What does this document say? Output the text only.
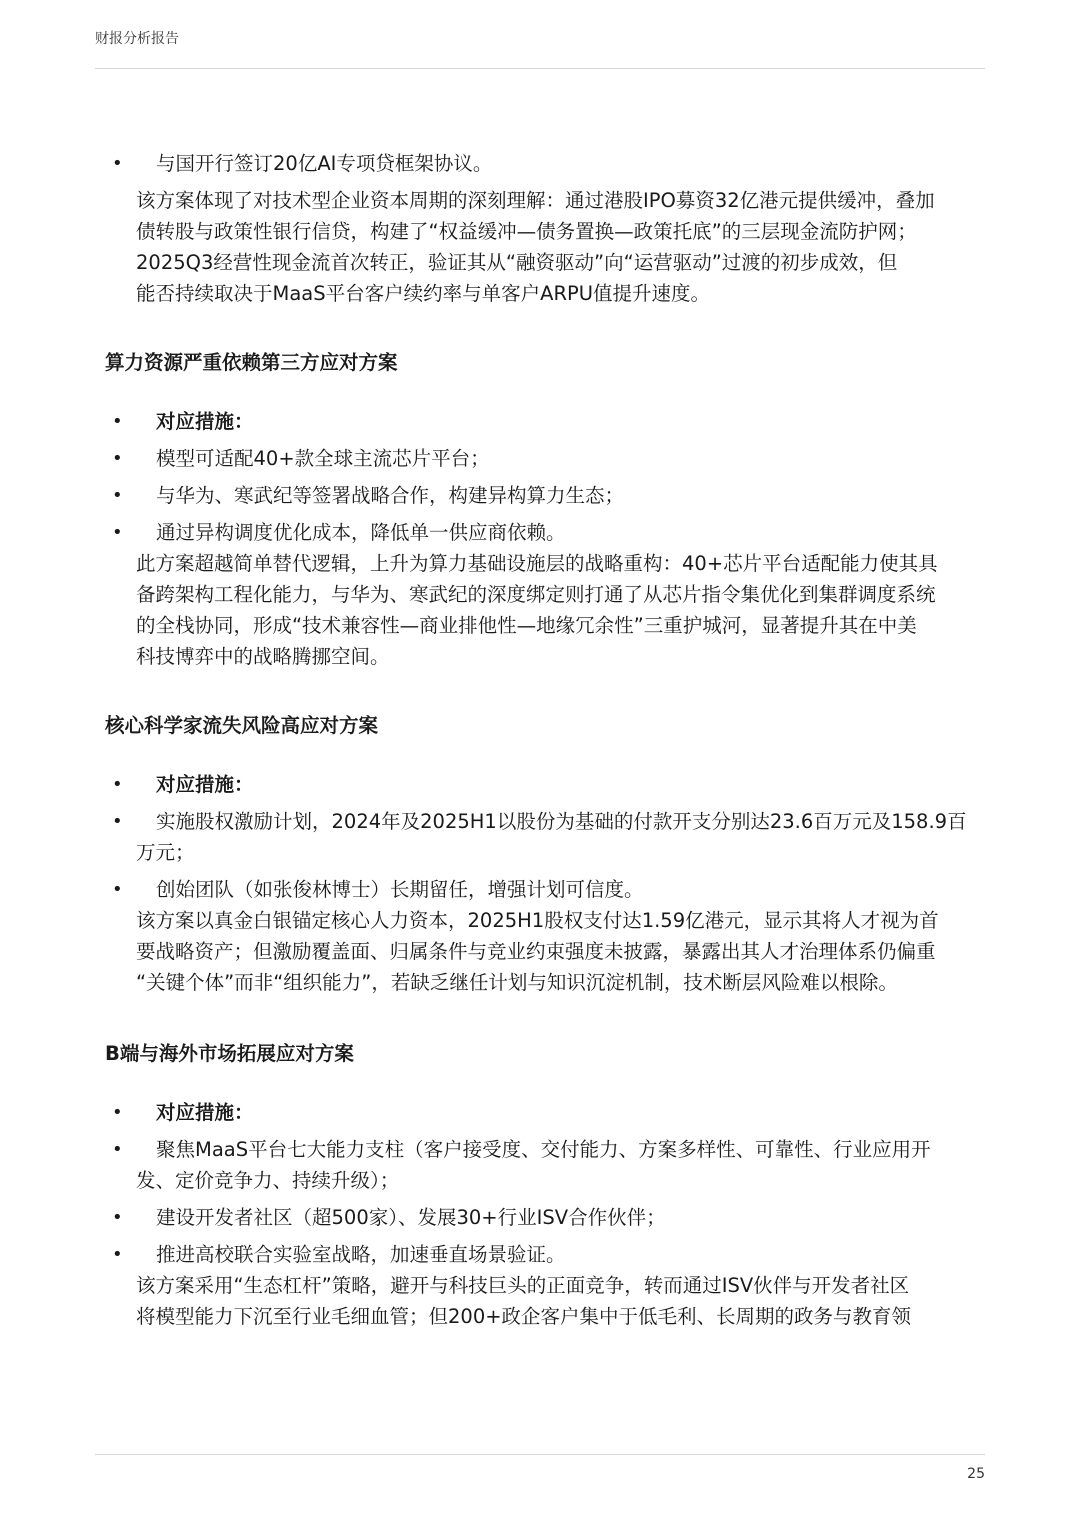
财报分析报告
•	与国开行签订20亿AI专项贷框架协议。
该方案体现了对技术型企业资本周期的深刻理解：通过港股IPO募资32亿港元提供缓冲，叠加
债转股与政策性银行信贷，构建了“权益缓冲—债务置换—政策托底”的三层现金流防护网；
2025Q3经营性现金流首次转正，验证其从“融资驱动”向“运营驱动”过渡的初步成效，但
能否持续取决于MaaS平台客户续约率与单客户ARPU值提升速度。
算力资源严重依赖第三方应对方案
•	对应措施：
•	模型可适配40+款全球主流芯片平台；
•	与华为、寒武纪等签署战略合作，构建异构算力生态；
•	通过异构调度优化成本，降低单一供应商依赖。
此方案超越简单替代逻辑，上升为算力基础设施层的战略重构：40+芯片平台适配能力使其具
备跨架构工程化能力，与华为、寒武纪的深度绑定则打通了从芯片指令集优化到集群调度系统
的全栈协同，形成“技术兼容性—商业排他性—地缘冗余性”三重护城河，显著提升其在中美
科技博弈中的战略腾挪空间。
核心科学家流失风险高应对方案
•	对应措施：
•	实施股权激励计划，2024年及2025H1以股份为基础的付款开支分别达23.6百万元及158.9百
万元；
•	创始团队（如张俊林博士）长期留任，增强计划可信度。
该方案以真金白银锚定核心人力资本，2025H1股权支付达1.59亿港元，显示其将人才视为首
要战略资产；但激励覆盖面、归属条件与竞业约束强度未披露，暴露出其人才治理体系仍偏重
“关键个体”而非“组织能力”，若缺乏继任计划与知识沉淀机制，技术断层风险难以根除。
B端与海外市场拓展应对方案
•	对应措施：
•	聚焦MaaS平台七大能力支柱（客户接受度、交付能力、方案多样性、可靠性、行业应用开
发、定价竞争力、持续升级）；
•	建设开发者社区（超500家）、发展30+行业ISV合作伙伴；
•	推进高校联合实验室战略，加速垂直场景验证。
该方案采用“生态杠杆”策略，避开与科技巨头的正面竞争，转而通过ISV伙伴与开发者社区
将模型能力下沉至行业毛细血管；但200+政企客户集中于低毛利、长周期的政务与教育领
25
